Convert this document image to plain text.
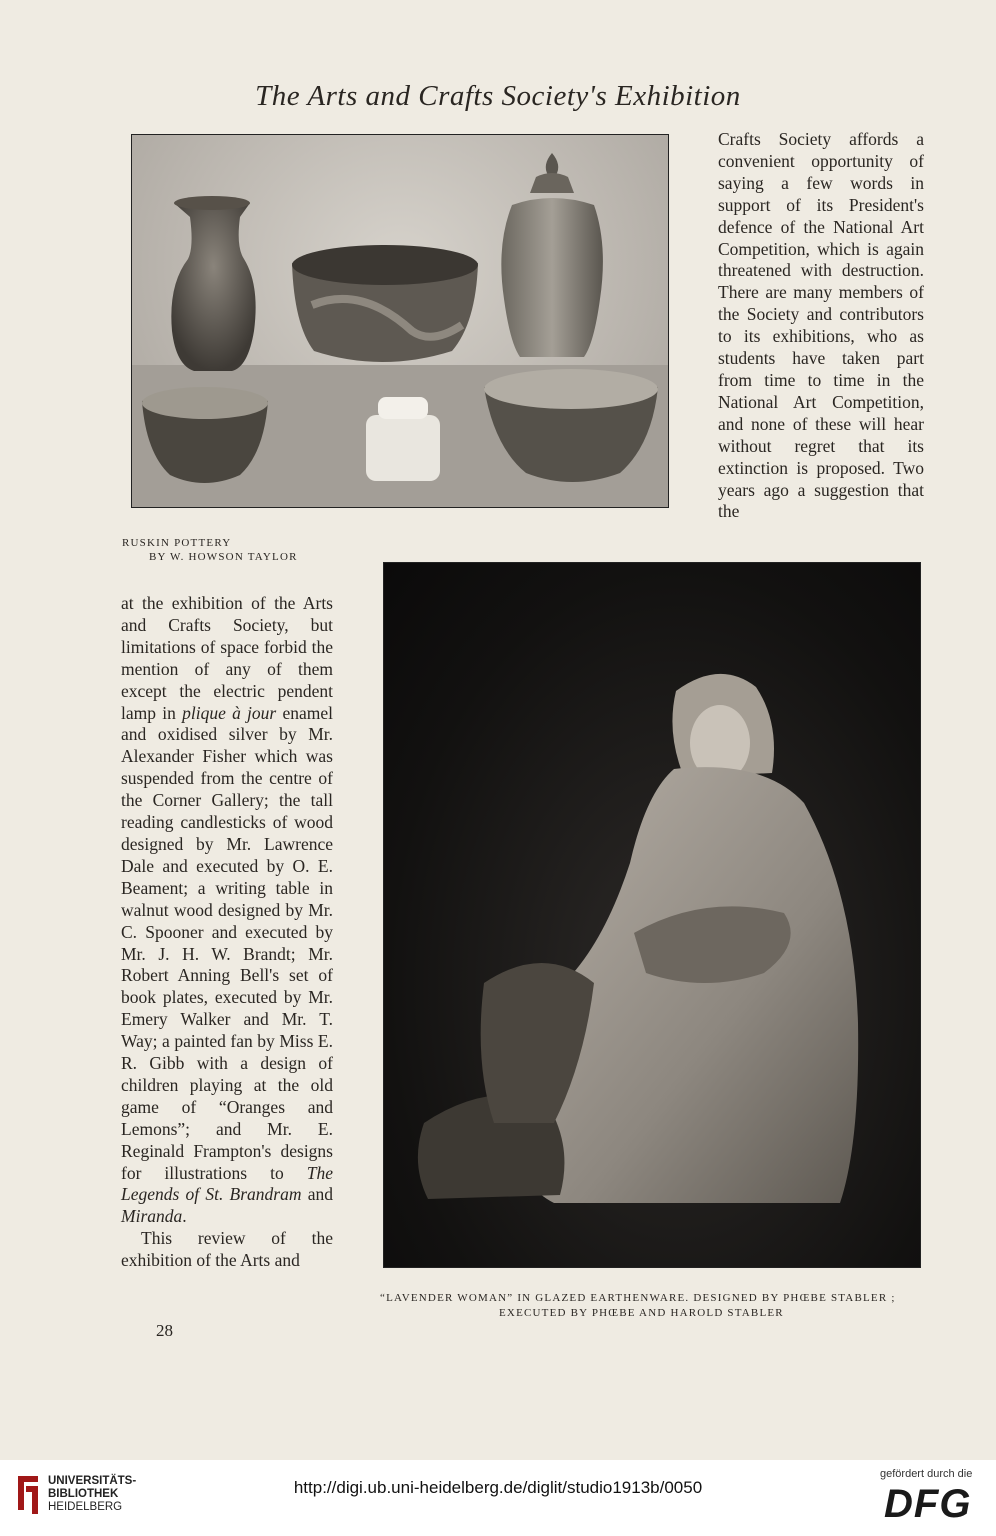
The Arts and Crafts Society's Exhibition
RUSKIN POTTERY
BY W. HOWSON TAYLOR
Crafts Society affords a convenient opportunity of saying a few words in support of its President's defence of the National Art Competition, which is again threatened with destruction. There are many members of the Society and contributors to its exhibitions, who as students have taken part from time to time in the National Art Competition, and none of these will hear without regret that its extinction is proposed. Two years ago a suggestion that the
“LAVENDER WOMAN” IN GLAZED EARTHENWARE. DESIGNED BY PHŒBE STABLER ;
EXECUTED BY PHŒBE AND HAROLD STABLER

at the exhibition of the Arts and Crafts Society, but limitations of space forbid the mention of any of them except the electric pendent lamp in plique à jour enamel and oxidised silver by Mr. Alexander Fisher which was suspended from the centre of the Corner Gallery; the tall reading candlesticks of wood designed by Mr. Lawrence Dale and executed by O. E. Beament; a writing table in walnut wood designed by Mr. C. Spooner and executed by Mr. J. H. W. Brandt; Mr. Robert Anning Bell's set of book plates, executed by Mr. Emery Walker and Mr. T. Way; a painted fan by Miss E. R. Gibb with a design of children playing at the old game of “Oranges and Lemons”; and Mr. E. Reginald Frampton's designs for illustrations to The Legends of St. Brandram and Miranda.

This review of the exhibition of the Arts and

28
UNIVERSITÄTS-
BIBLIOTHEK
HEIDELBERG
http://digi.ub.uni-heidelberg.de/diglit/studio1913b/0050
gefördert durch die
DFG
